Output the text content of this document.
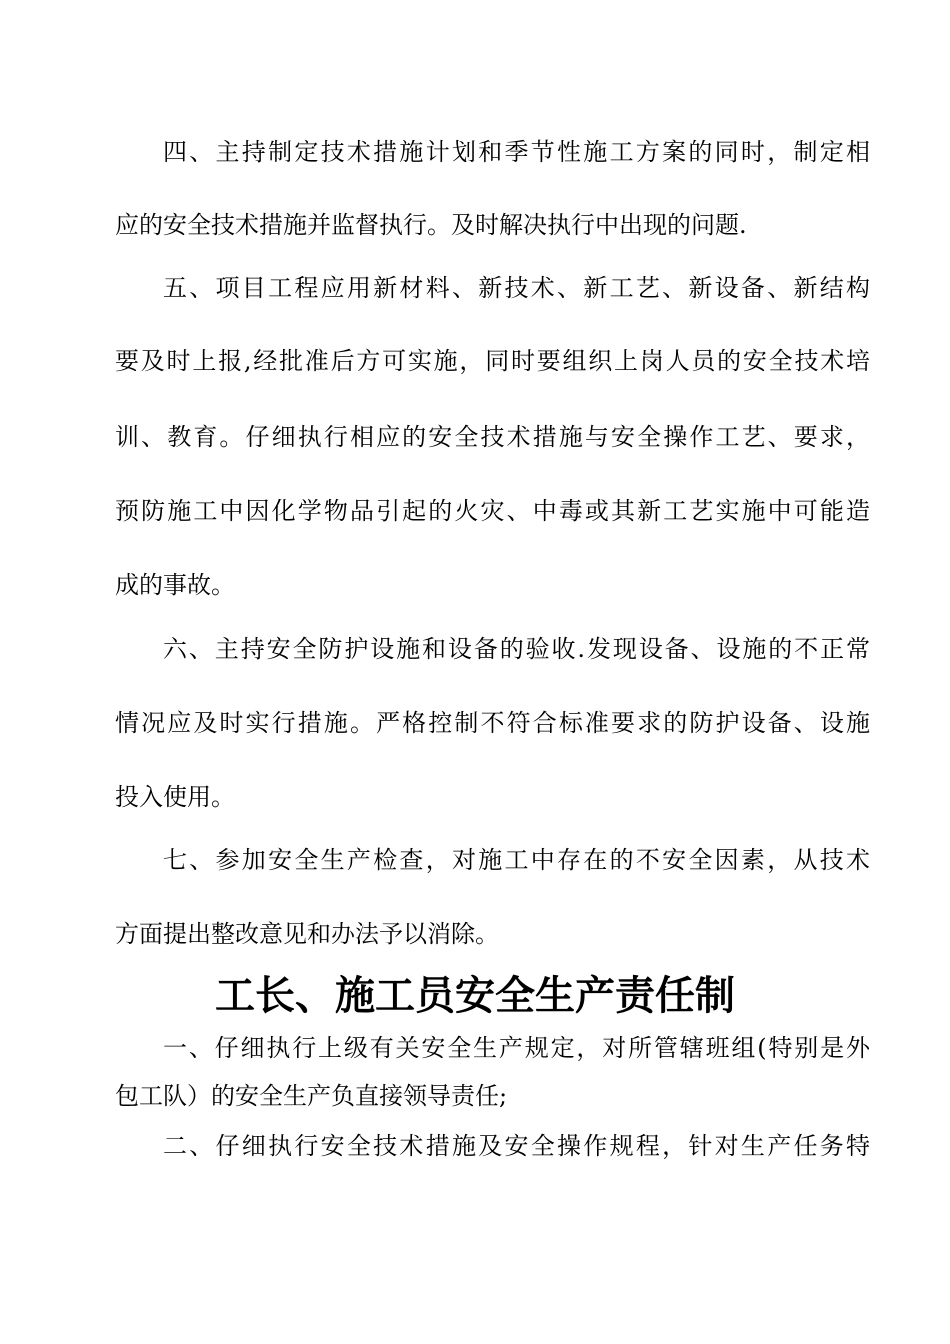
四、主持制定技术措施计划和季节性施工方案的同时，制定相
应的安全技术措施并监督执行。及时解决执行中出现的问题.
五、项目工程应用新材料、新技术、新工艺、新设备、新结构
要及时上报,经批准后方可实施，同时要组织上岗人员的安全技术培
训、教育。仔细执行相应的安全技术措施与安全操作工艺、要求，
预防施工中因化学物品引起的火灾、中毒或其新工艺实施中可能造
成的事故。
六、主持安全防护设施和设备的验收.发现设备、设施的不正常
情况应及时实行措施。严格控制不符合标准要求的防护设备、设施
投入使用。
七、参加安全生产检查，对施工中存在的不安全因素，从技术
方面提出整改意见和办法予以消除。
工长、施工员安全生产责任制
一、仔细执行上级有关安全生产规定，对所管辖班组(特别是外
包工队）的安全生产负直接领导责任;
二、仔细执行安全技术措施及安全操作规程，针对生产任务特
